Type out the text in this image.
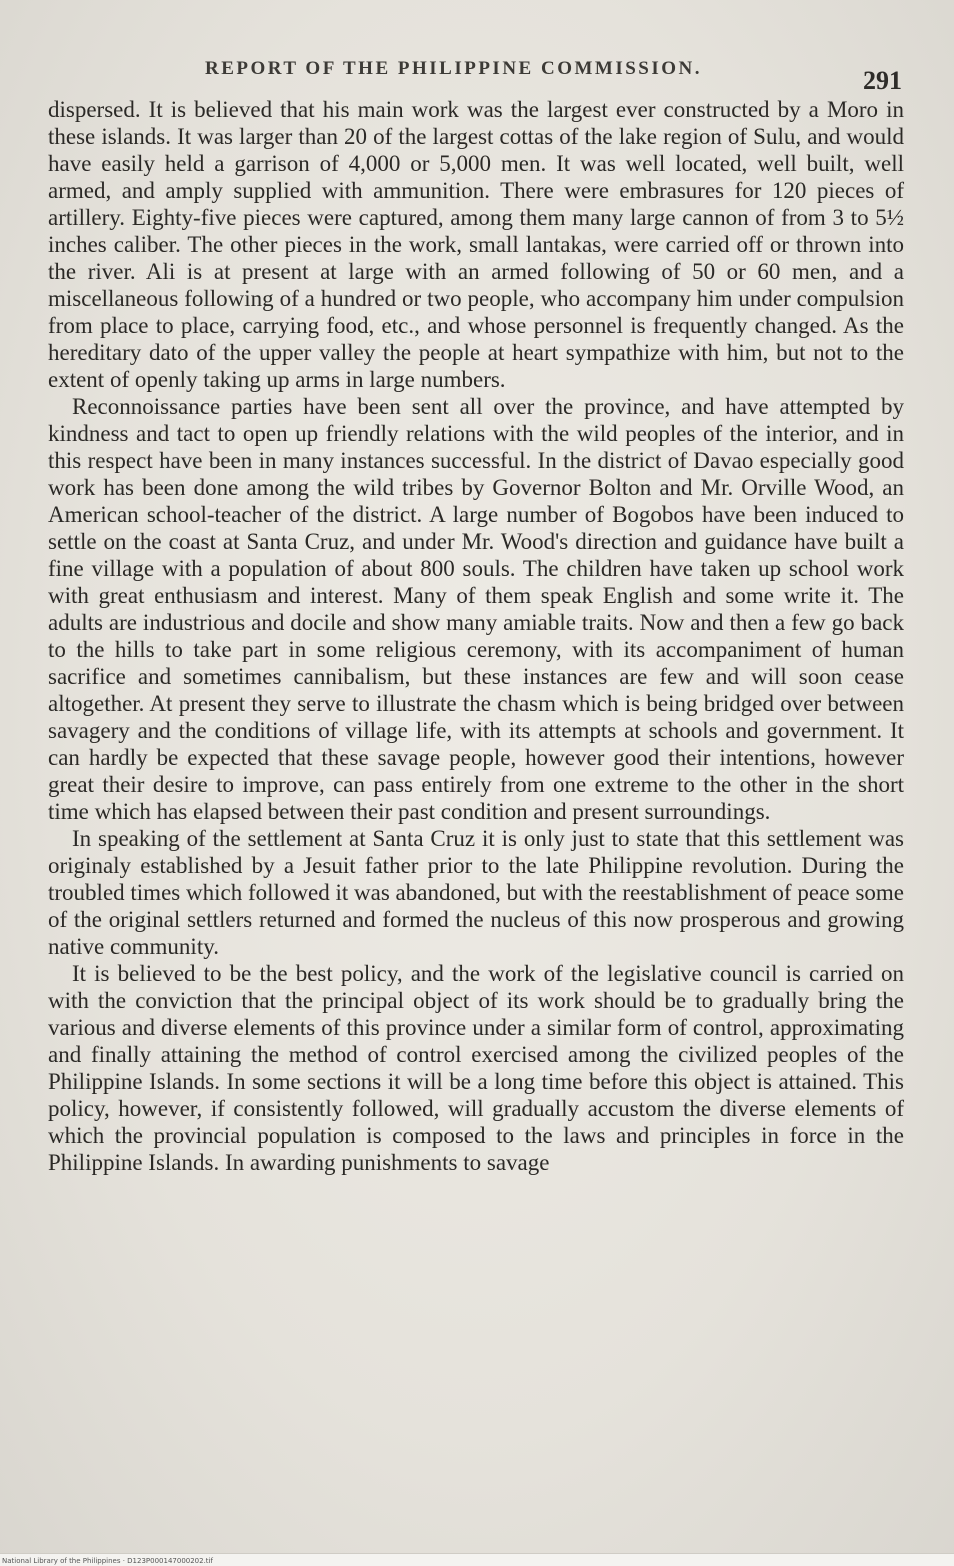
REPORT OF THE PHILIPPINE COMMISSION.	291

dispersed. It is believed that his main work was the largest ever constructed by a Moro in these islands. It was larger than 20 of the largest cottas of the lake region of Sulu, and would have easily held a garrison of 4,000 or 5,000 men. It was well located, well built, well armed, and amply supplied with ammunition. There were embrasures for 120 pieces of artillery. Eighty-five pieces were captured, among them many large cannon of from 3 to 5½ inches caliber. The other pieces in the work, small lantakas, were carried off or thrown into the river. Ali is at present at large with an armed following of 50 or 60 men, and a miscellaneous following of a hundred or two people, who accompany him under compulsion from place to place, carrying food, etc., and whose personnel is frequently changed. As the hereditary dato of the upper valley the people at heart sympathize with him, but not to the extent of openly taking up arms in large numbers.

Reconnoissance parties have been sent all over the province, and have attempted by kindness and tact to open up friendly relations with the wild peoples of the interior, and in this respect have been in many instances successful. In the district of Davao especially good work has been done among the wild tribes by Governor Bolton and Mr. Orville Wood, an American school-teacher of the district. A large number of Bogobos have been induced to settle on the coast at Santa Cruz, and under Mr. Wood's direction and guidance have built a fine village with a population of about 800 souls. The children have taken up school work with great enthusiasm and interest. Many of them speak English and some write it. The adults are industrious and docile and show many amiable traits. Now and then a few go back to the hills to take part in some religious ceremony, with its accompaniment of human sacrifice and sometimes cannibalism, but these instances are few and will soon cease altogether. At present they serve to illustrate the chasm which is being bridged over between savagery and the conditions of village life, with its attempts at schools and government. It can hardly be expected that these savage people, however good their intentions, however great their desire to improve, can pass entirely from one extreme to the other in the short time which has elapsed between their past condition and present surroundings.

In speaking of the settlement at Santa Cruz it is only just to state that this settlement was originaly established by a Jesuit father prior to the late Philippine revolution. During the troubled times which followed it was abandoned, but with the reestablishment of peace some of the original settlers returned and formed the nucleus of this now prosperous and growing native community.

It is believed to be the best policy, and the work of the legislative council is carried on with the conviction that the principal object of its work should be to gradually bring the various and diverse elements of this province under a similar form of control, approximating and finally attaining the method of control exercised among the civilized peoples of the Philippine Islands. In some sections it will be a long time before this object is attained. This policy, however, if consistently followed, will gradually accustom the diverse elements of which the provincial population is composed to the laws and principles in force in the Philippine Islands. In awarding punishments to savage

National Library of the Philippines · D123P000147000202.tif
